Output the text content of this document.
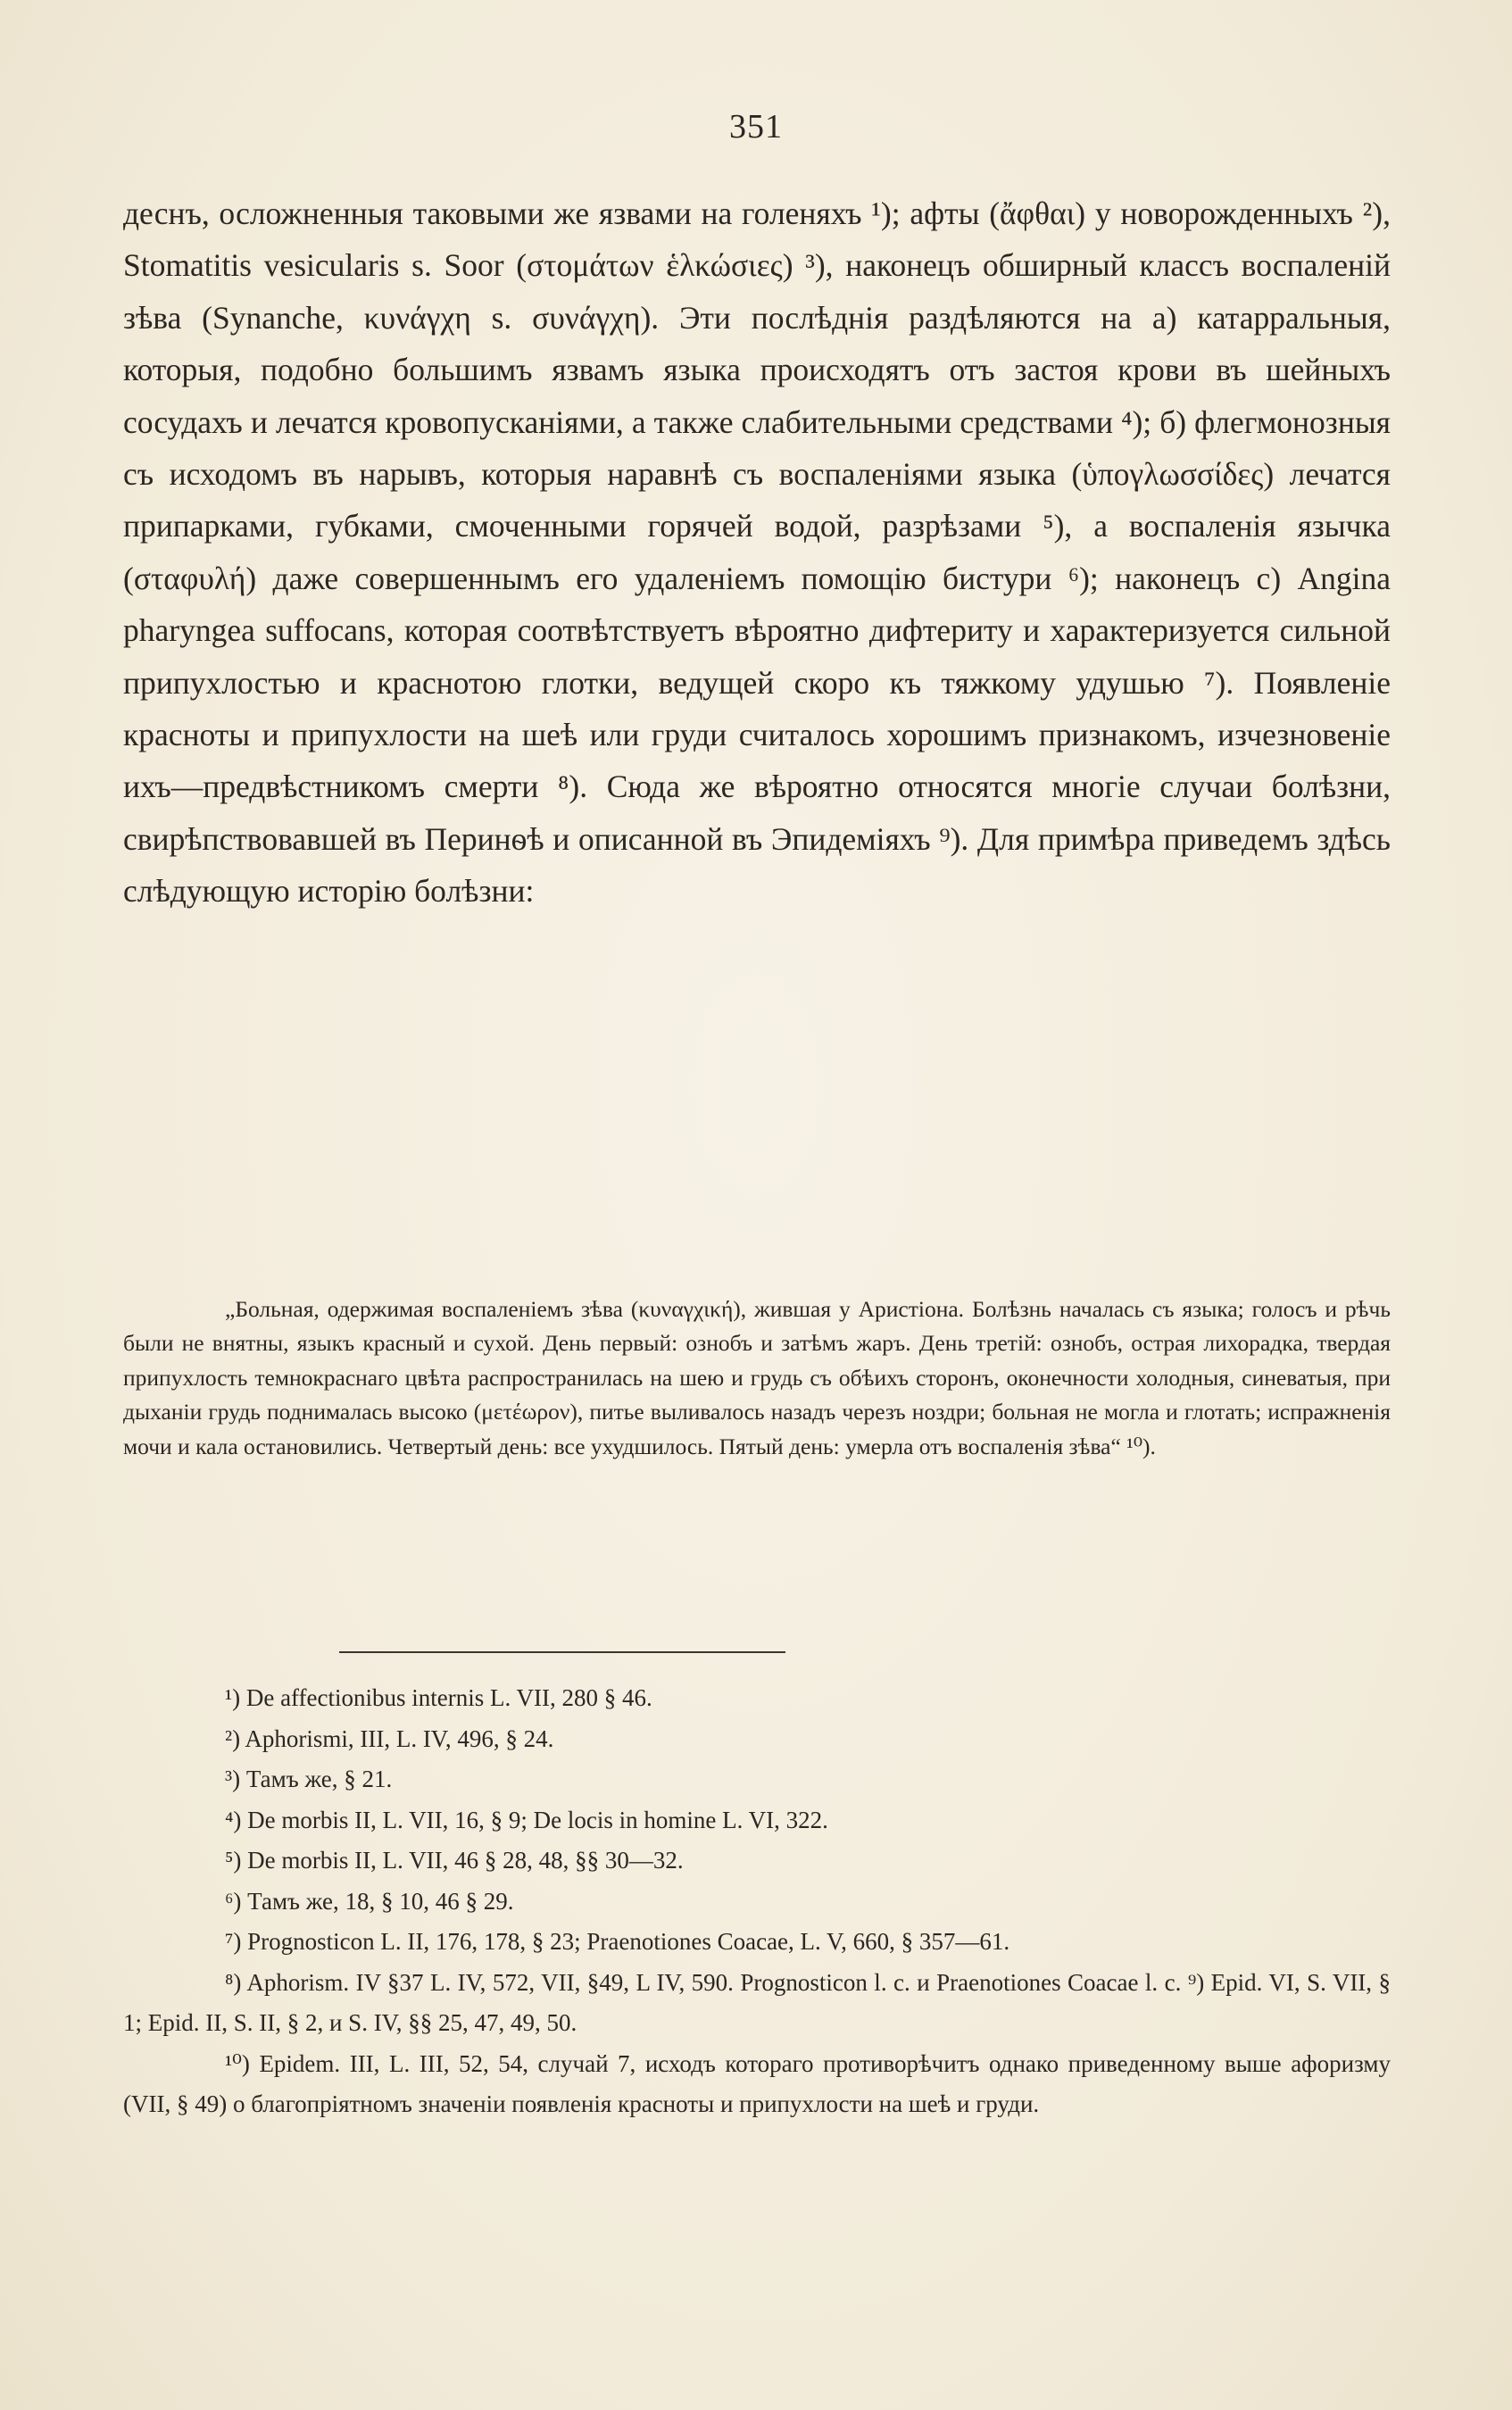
351

деснъ, осложненныя таковыми же язвами на голеняхъ ¹); афты (ἄφθαι) у новорожденныхъ ²), Stomatitis vesicularis s. Soor (στομάτων ἑλκώσιες) ³), наконецъ обширный классъ воспаленій зѣва (Synanche, κυνάγχη s. συνάγχη). Эти послѣднія раздѣляются на а) катарральныя, которыя, подобно большимъ язвамъ языка происходятъ отъ застоя крови въ шейныхъ сосудахъ и лечатся кровопусканіями, а также слабительными средствами ⁴); б) флегмонозныя съ исходомъ въ нарывъ, которыя наравнѣ съ воспаленіями языка (ὑπογλωσσίδες) лечатся припарками, губками, смоченными горячей водой, разрѣзами ⁵), а воспаленія язычка (σταφυλή) даже совершеннымъ его удаленіемъ помощію бистури ⁶); наконецъ с) Angina pharyngea suffocans, которая соотвѣтствуетъ вѣроятно дифтериту и характеризуется сильной припухлостью и краснотою глотки, ведущей скоро къ тяжкому удушью ⁷). Появленіе красноты и припухлости на шеѣ или груди считалось хорошимъ признакомъ, изчезновеніе ихъ—предвѣстникомъ смерти ⁸). Сюда же вѣроятно относятся многіе случаи болѣзни, свирѣпствовавшей въ Перинѳѣ и описанной въ Эпидеміяхъ ⁹). Для примѣра приведемъ здѣсь слѣдующую исторію болѣзни:

„Больная, одержимая воспаленіемъ зѣва (κυναγχική), жившая у Аристіона. Болѣзнь началась съ языка; голосъ и рѣчь были не внятны, языкъ красный и сухой. День первый: ознобъ и затѣмъ жаръ. День третій: ознобъ, острая лихорадка, твердая припухлость темнокраснаго цвѣта распространилась на шею и грудь съ обѣихъ сторонъ, оконечности холодныя, синеватыя, при дыханіи грудь поднималась высоко (μετέωρον), питье выливалось назадъ черезъ ноздри; больная не могла и глотать; испражненія мочи и кала остановились. Четвертый день: все ухудшилось. Пятый день: умерла отъ воспаленія зѣва“ ¹⁰).

¹) De affectionibus internis L. VII, 280 § 46.

²) Aphorismi, III, L. IV, 496, § 24.

³) Тамъ же, § 21.

⁴) De morbis II, L. VII, 16, § 9; De locis in homine L. VI, 322.

⁵) De morbis II, L. VII, 46 § 28, 48, §§ 30—32.

⁶) Тамъ же, 18, § 10, 46 § 29.

⁷) Prognosticon L. II, 176, 178, § 23; Praenotiones Coacae, L. V, 660, § 357—61.

⁸) Aphorism. IV §37 L. IV, 572, VII, §49, L IV, 590. Prognosticon l. c. и Praenotiones Coacae l. c. ⁹) Epid. VI, S. VII, § 1; Epid. II, S. II, § 2, и S. IV, §§ 25, 47, 49, 50.

¹⁰) Epidem. III, L. III, 52, 54, случай 7, исходъ котораго противорѣчитъ однако приведенному выше афоризму (VII, § 49) о благопріятномъ значеніи появленія красноты и припухлости на шеѣ и груди.
